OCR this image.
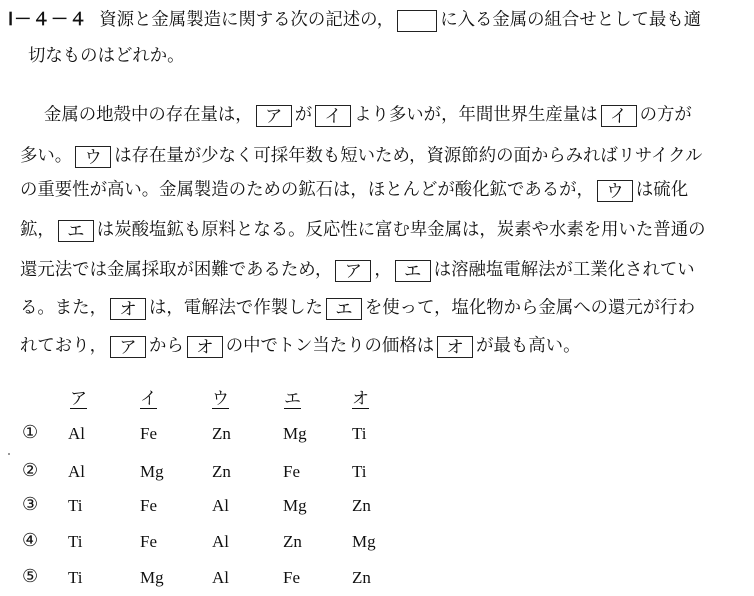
Ⅰ－４－４ 資源と金属製造に関する次の記述の，	に入る金属の組合せとして最も適
切なものはどれか。
金属の地殻中の存在量は， ア が イ より多いが，年間世界生産量は イ の方が
多い。 ウ は存在量が少なく可採年数も短いため，資源節約の面からみればリサイクル
の重要性が高い。金属製造のための鉱石は，ほとんどが酸化鉱であるが， ウ は硫化
鉱， エ は炭酸塩鉱も原料となる。反応性に富む卑金属は，炭素や水素を用いた普通の
還元法では金属採取が困難であるため， ア ， エ は溶融塩電解法が工業化されてい
る。また， オ は，電解法で作製した エ を使って，塩化物から金属への還元が行わ
れており， ア から オ の中でトン当たりの価格は オ が最も高い。
ア	イ	ウ	エ	オ
① Al	Fe	Zn	Mg	Ti
② Al	Mg	Zn	Fe	Ti
③ Ti	Fe	Al	Mg	Zn
④ Ti	Fe	Al	Zn	Mg
⑤ Ti	Mg	Al	Fe	Zn
